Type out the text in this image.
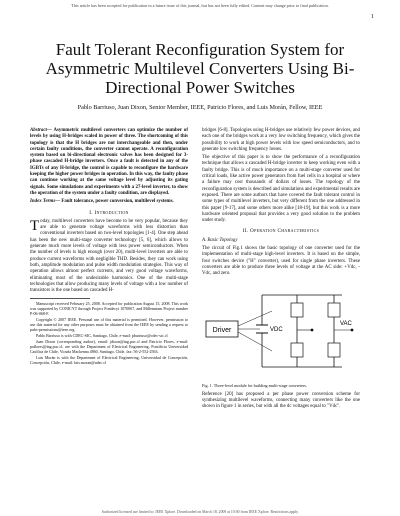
This article has been accepted for publication in a future issue of this journal, but has not been fully edited. Content may change prior to final publication.
1
Fault Tolerant Reconfiguration System for Asymmetric Multilevel Converters Using Bi-Directional Power Switches
Pablo Barriuso, Juan Dixon, Senior Member, IEEE, Patricio Flores, and Luis Morán, Fellow, IEEE

Abstract— Asymmetric multilevel converters can optimize the number of levels by using H-bridges scaled in power of three. The shortcoming of this topology is that the H bridges are not interchangeable and then, under certain faulty conditions, the converter cannot operate. A reconfiguration system based on bi-directional electronic valves has been designed for 3-phase cascaded H-bridge inverters. Once a fault is detected in any of the IGBTs of any H-bridge, the control is capable to reconfigure the hardware keeping the higher power bridges in operation. In this way, the faulty phase can continue working at the same voltage level by adjusting its gating signals. Some simulations and experiments with a 27-level inverter, to show the operation of the system under a faulty condition, are displayed.

Index Terms— Fault tolerance, power conversion, multilevel systems.

I. Introduction

Today, multilevel converters have become to be very popular, because they are able to generate voltage waveforms with less distortion than conventional inverters based on two-level topologies [1-4]. One step ahead has been the new multi-stage converter technology [5, 6], which allows to generate much more levels of voltage with less power semiconductors. When the number of levels is high enough (over 20), multi-level inverters are able to produce current waveforms with negligible THD. Besides, they can work using both, amplitude modulation and pulse width modulation strategies. This way of operation allows almost perfect currents, and very good voltage waveforms, eliminating most of the undesirable harmonics. One of the multi-stage technologies that allow producing many levels of voltage with a low number of transistors is the one based on cascaded H-

Manuscript received February 25, 2008. Accepted for publication August 15, 2008. This work was supported by CONICYT through Project Fondecyt 1070067, and Millennium Project number P-06-068-F.

Copyright © 2007 IEEE. Personal use of this material is permitted. However, permission to use this material for any other purposes must be obtained from the IEEE by sending a request to pubs-permissions@ieee.org.

Pablo Barriuso is with CDEC-SIC, Santiago, Chile, e-mail: pbarriuso@cdec-sic.cl

Juan Dixon (corresponding author), email: jdixon@ing.puc.cl and Patricio Flores, e-mail: paflores@ing.puc.cl, are with the Department of Electrical Engineering, Pontificia Universidad Católica de Chile, Vicuña Mackenna 4860, Santiago, Chile, fax: 56-2-552-2563.

Luis Morán is with the Department of Electrical Engineering, Universidad de Concepción, Concepción, Chile, e-mail: luis.moran@udec.cl

bridges [6-8]. Topologies using H-bridges use relatively few power devices, and each one of the bridges work at a very low switching frequency, which gives the possibility to work at high power levels with low speed semiconductors, and to generate low switching frequency losses.

The objective of this paper is to show the performance of a reconfiguration technique that allows a cascaded H-bridge inverter to keep working even with a faulty bridge. This is of much importance on a multi-stage converter used for critical loads, like active power generators from fuel cells in a hospital or where a failure may cost thousands of dollars of losses. The topology of the reconfiguration system is described and simulations and experimental results are exposed. There are some authors that have covered the fault tolerant control in some types of multilevel inverters, but very different from the one addressed in this paper [9-17], and some others more alike [18-19], but this work is a more hardware oriented proposal that provides a very good solution to the problem under study.

II. Operation Characteristics
A. Basic Topology

The circuit of Fig.1 shows the basic topology of one converter used for the implementation of multi-stage high-level inverters. It is based on the simple, four switches device ("H" converter), used for single phase inverters. These converters are able to produce three levels of voltage at the AC side: +Vdc, -Vdc, and zero.

Driver	VDC
VAC
Fig. 1. Three-level module for building multi-stage converters.

Reference [20] has proposed a per phase power conversion scheme for synthesizing multilevel waveforms, connecting many converters like the one shown in figure 1 in series, but with all the dc voltages equal to "Vdc".

Authorized licensed use limited to: IEEE Xplore. Downloaded on March 18, 2009 at 10:00 from IEEE Xplore. Restrictions apply.
